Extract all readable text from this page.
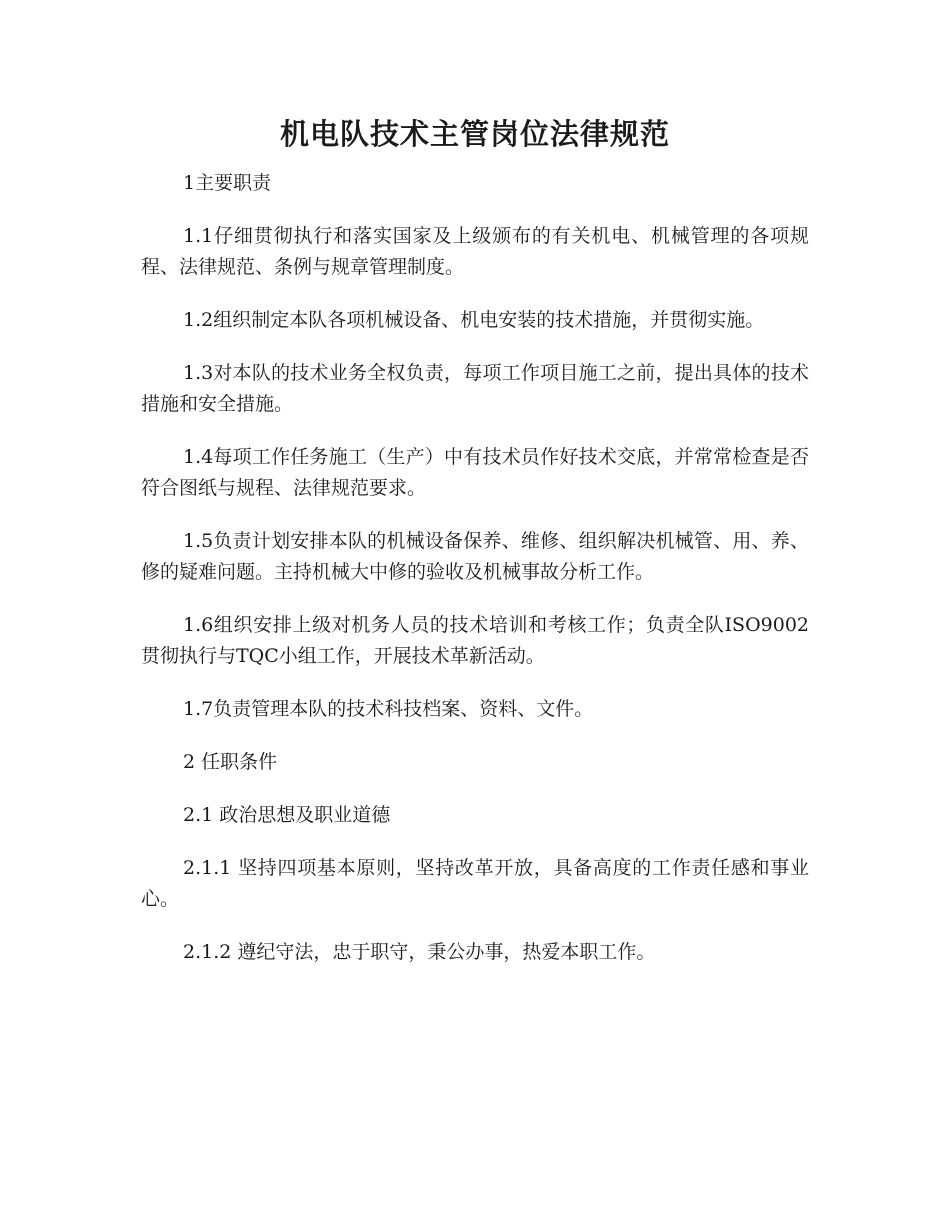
机电队技术主管岗位法律规范

1主要职责

1.1仔细贯彻执行和落实国家及上级颁布的有关机电、机械管理的各项规程、法律规范、条例与规章管理制度。

1.2组织制定本队各项机械设备、机电安装的技术措施，并贯彻实施。

1.3对本队的技术业务全权负责，每项工作项目施工之前，提出具体的技术措施和安全措施。

1.4每项工作任务施工（生产）中有技术员作好技术交底，并常常检查是否符合图纸与规程、法律规范要求。

1.5负责计划安排本队的机械设备保养、维修、组织解决机械管、用、养、修的疑难问题。主持机械大中修的验收及机械事故分析工作。

1.6组织安排上级对机务人员的技术培训和考核工作；负责全队ISO9002贯彻执行与TQC小组工作，开展技术革新活动。

1.7负责管理本队的技术科技档案、资料、文件。

2 任职条件

2.1 政治思想及职业道德

2.1.1 坚持四项基本原则，坚持改革开放，具备高度的工作责任感和事业心。

2.1.2 遵纪守法，忠于职守，秉公办事，热爱本职工作。
